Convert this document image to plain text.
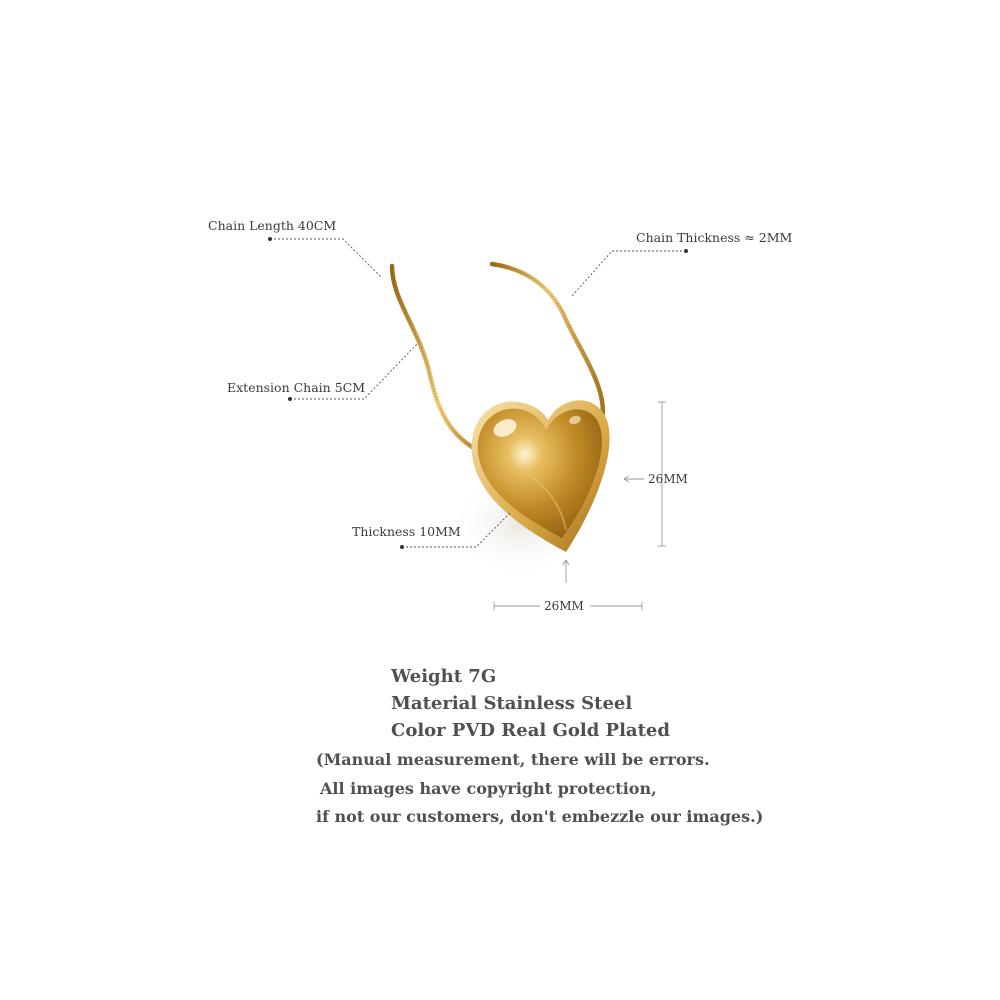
Chain Length 40CM
Chain Thickness ≈ 2MM
Extension Chain 5CM
Thickness 10MM
26MM
26MM
Weight 7G
Material Stainless Steel
Color PVD Real Gold Plated
(Manual measurement, there will be errors.
All images have copyright protection,
if not our customers, don't embezzle our images.)
